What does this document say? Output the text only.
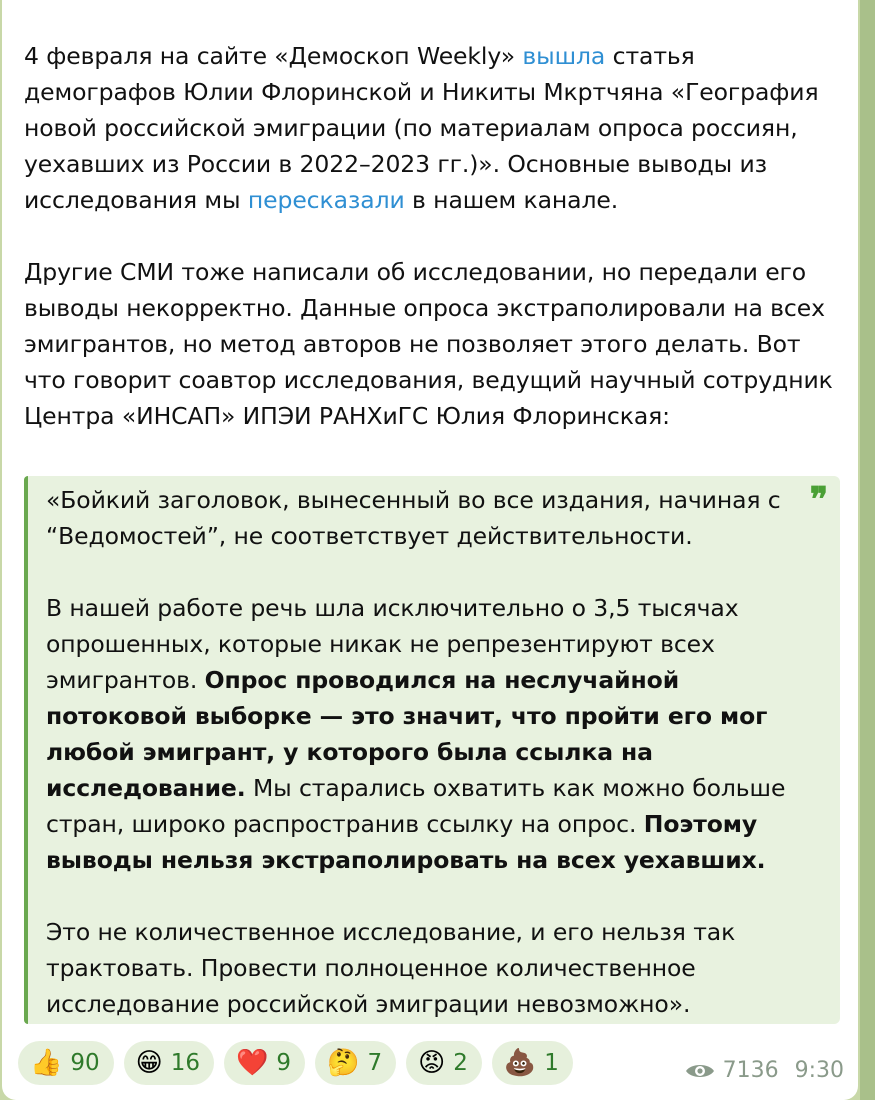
4 февраля на сайте «Демоскоп Weekly» вышла статья демографов Юлии Флоринской и Никиты Мкртчяна «География новой российской эмиграции (по материалам опроса россиян, уехавших из России в 2022–2023 гг.)». Основные выводы из исследования мы пересказали в нашем канале.

Другие СМИ тоже написали об исследовании, но передали его выводы некорректно. Данные опроса экстраполировали на всех эмигрантов, но метод авторов не позволяет этого делать. Вот что говорит соавтор исследования, ведущий научный сотрудник Центра «ИНСАП» ИПЭИ РАНХиГС Юлия Флоринская:

❞

«Бойкий заголовок, вынесенный во все издания, начиная с “Ведомостей”, не соответствует действительности.

В нашей работе речь шла исключительно о 3,5 тысячах опрошенных, которые никак не репрезентируют всех эмигрантов. Опрос проводился на неслучайной потоковой выборке — это значит, что пройти его мог любой эмигрант, у которого была ссылка на исследование. Мы старались охватить как можно больше стран, широко распространив ссылку на опрос. Поэтому выводы нельзя экстраполировать на всех уехавших.

Это не количественное исследование, и его нельзя так трактовать. Провести полноценное количественное исследование российской эмиграции невозможно».

👍 90 😁 16 ❤️ 9 🤔 7 😡 2 💩 1	7136 9:30
